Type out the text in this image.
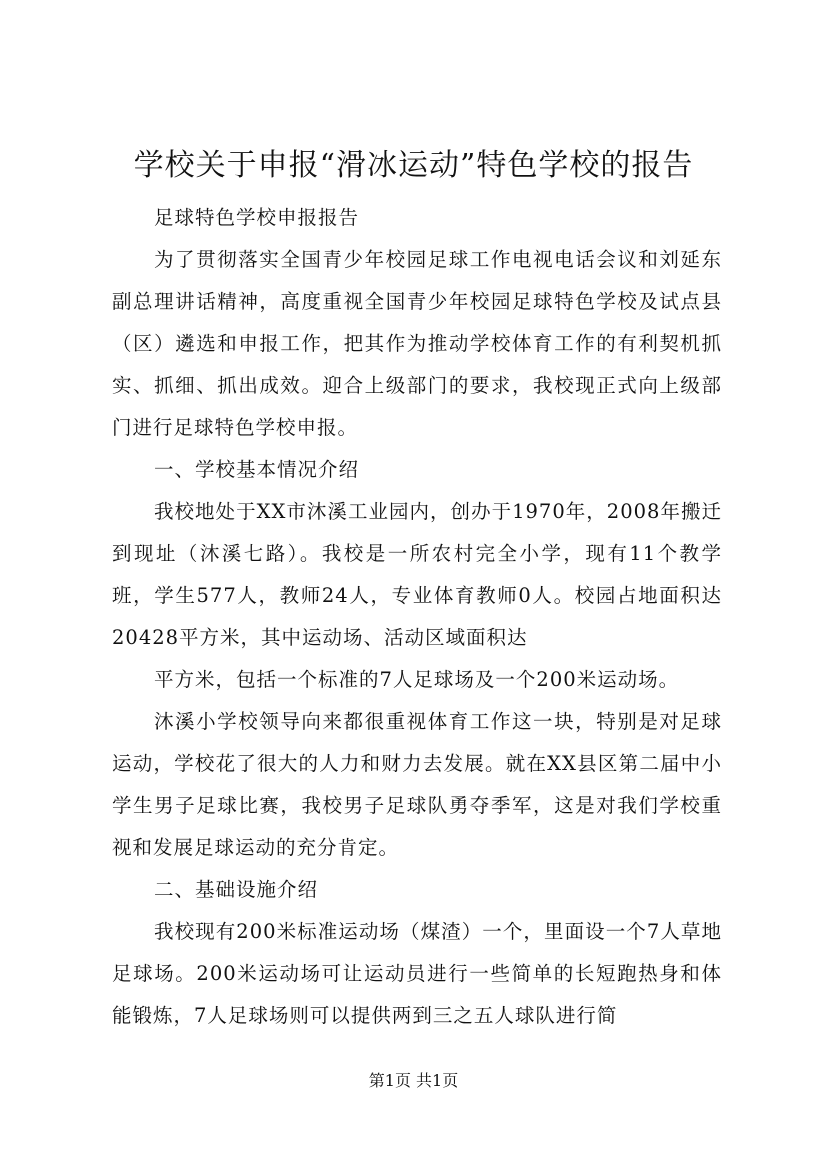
学校关于申报“滑冰运动”特色学校的报告

足球特色学校申报报告

为了贯彻落实全国青少年校园足球工作电视电话会议和刘延东副总理讲话精神，高度重视全国青少年校园足球特色学校及试点县（区）遴选和申报工作，把其作为推动学校体育工作的有利契机抓实、抓细、抓出成效。迎合上级部门的要求，我校现正式向上级部门进行足球特色学校申报。

一、学校基本情况介绍

我校地处于XX市沐溪工业园内，创办于1970年，2008年搬迁到现址（沐溪七路）。我校是一所农村完全小学，现有11个教学班，学生577人，教师24人，专业体育教师0人。校园占地面积达20428平方米，其中运动场、活动区域面积达

平方米，包括一个标准的7人足球场及一个200米运动场。

沐溪小学校领导向来都很重视体育工作这一块，特别是对足球运动，学校花了很大的人力和财力去发展。就在XX县区第二届中小学生男子足球比赛，我校男子足球队勇夺季军，这是对我们学校重视和发展足球运动的充分肯定。

二、基础设施介绍

我校现有200米标准运动场（煤渣）一个，里面设一个7人草地足球场。200米运动场可让运动员进行一些简单的长短跑热身和体能锻炼，7人足球场则可以提供两到三之五人球队进行简

第1页 共1页
